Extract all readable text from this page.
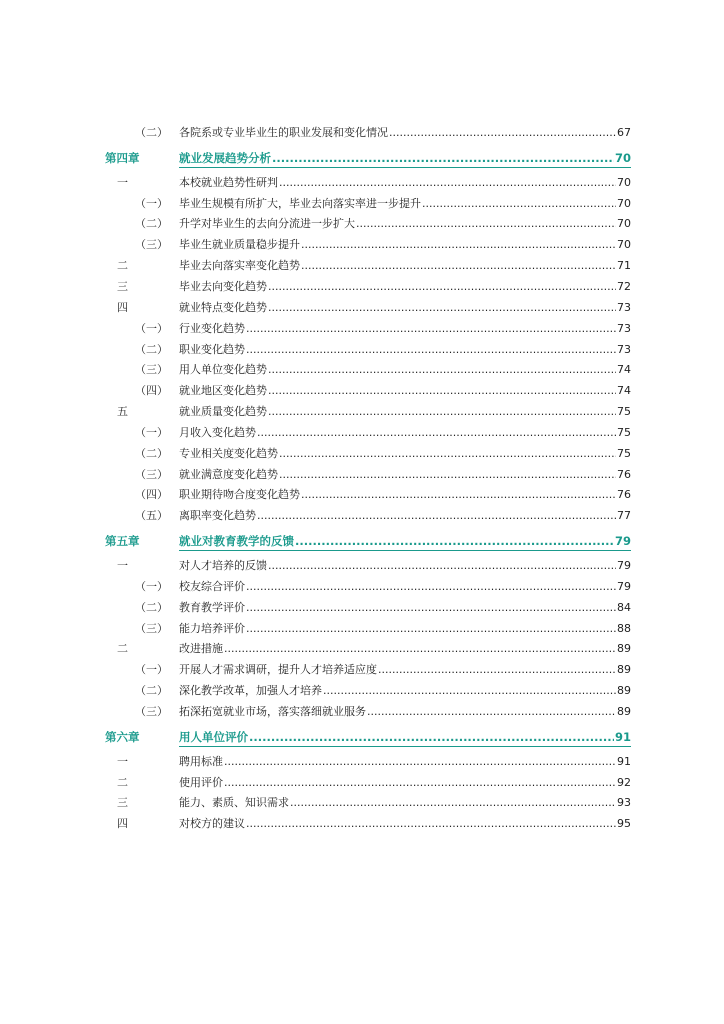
（二） 各院系或专业毕业生的职业发展和变化情况 .....	67
第四章	就业发展趋势分析 .....	70
一	本校就业趋势性研判 .....	70
（一） 毕业生规模有所扩大，毕业去向落实率进一步提升 .....	70
（二） 升学对毕业生的去向分流进一步扩大 .....	70
（三） 毕业生就业质量稳步提升 .....	70
二	毕业去向落实率变化趋势 .....	71
三	毕业去向变化趋势 .....	72
四	就业特点变化趋势 .....	73
（一） 行业变化趋势 .....	73
（二） 职业变化趋势 .....	73
（三） 用人单位变化趋势 .....	74
（四） 就业地区变化趋势 .....	74
五	就业质量变化趋势 .....	75
（一） 月收入变化趋势 .....	75
（二） 专业相关度变化趋势 .....	75
（三） 就业满意度变化趋势 .....	76
（四） 职业期待吻合度变化趋势 .....	76
（五） 离职率变化趋势 .....	77
第五章	就业对教育教学的反馈 .....	79
一	对人才培养的反馈 .....	79
（一） 校友综合评价 .....	79
（二） 教育教学评价 .....	84
（三） 能力培养评价 .....	88
二	改进措施 .....	89
（一） 开展人才需求调研，提升人才培养适应度 .....	89
（二） 深化教学改革，加强人才培养 .....	89
（三） 拓深拓宽就业市场，落实落细就业服务 .....	89
第六章	用人单位评价 .....	91
一	聘用标准 .....	91
二	使用评价 .....	92
三	能力、素质、知识需求 .....	93
四	对校方的建议 .....	95
